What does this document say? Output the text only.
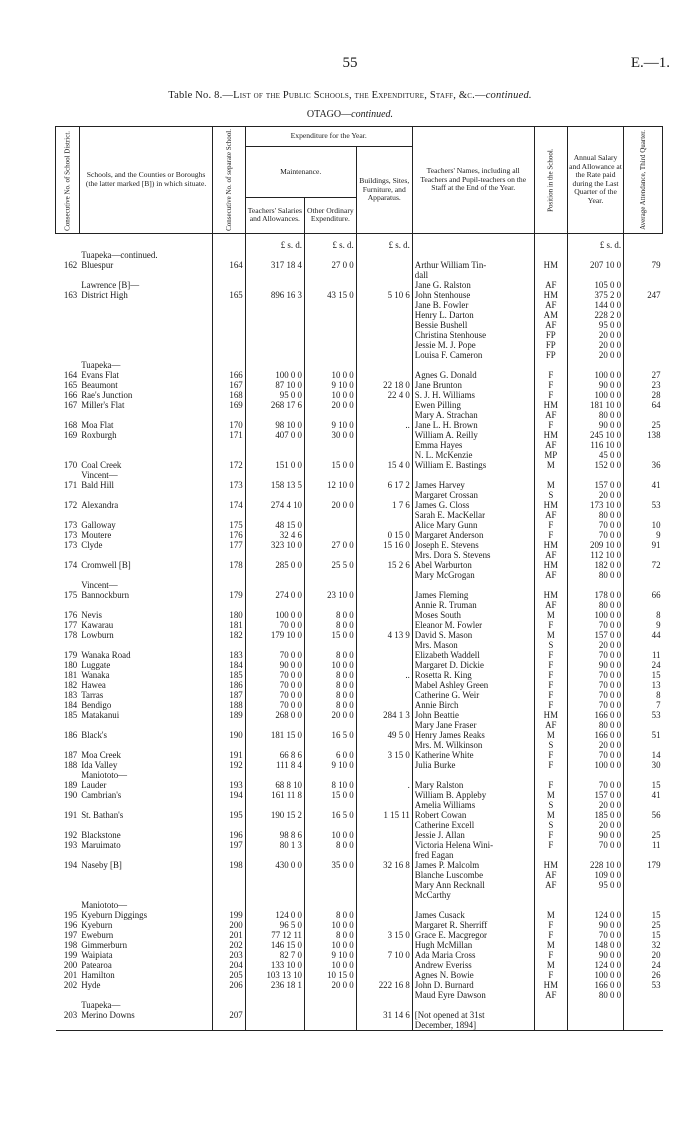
55	E.—1.
Table No. 8.—List of the Public Schools, the Expenditure, Staff, &c.—continued.
OTAGO—continued.
Consecutive No. of School District.	Schools, and the Counties or Boroughs (the latter marked [B]) in which situate.	Consecutive No. of separate School.	Expenditure for the Year.			Teachers' Names, including all Teachers and Pupil-teachers on the Staff at the End of the Year.	Position in the School.	Annual Salary and Allowance at the Rate paid during the Last Quarter of the Year.	Average Attendance, Third Quarter.
			Maintenance.		Buildings, Sites, Furniture, and Apparatus.				
			Teachers' Salaries and Allowances.	Other Ordinary Expenditure.					
			£ s. d.	£ s. d.	£ s. d.			£ s. d.	
	Tuapeka—continued.								
162	Bluespur	164	317 18 4	27 0 0		Arthur William Tin-	HM	207 10 0	79
						dall			
	Lawrence [B]—					Jane G. Ralston	AF	105 0 0	
163	District High	165	896 16 3	43 15 0	5 10 6	John Stenhouse	HM	375 2 0	247
						Jane B. Fowler	AF	144 0 0	
						Henry L. Darton	AM	228 2 0	
						Bessie Bushell	AF	95 0 0	
						Christina Stenhouse	FP	20 0 0	
						Jessie M. J. Pope	FP	20 0 0	
						Louisa F. Cameron	FP	20 0 0	
	Tuapeka—								
164	Evans Flat	166	100 0 0	10 0 0		Agnes G. Donald	F	100 0 0	27
165	Beaumont	167	87 10 0	9 10 0	22 18 0	Jane Brunton	F	90 0 0	23
166	Rae's Junction	168	95 0 0	10 0 0	22 4 0	S. J. H. Williams	F	100 0 0	28
167	Miller's Flat	169	268 17 6	20 0 0		Ewen Pilling	HM	181 10 0	64
						Mary A. Strachan	AF	80 0 0	
168	Moa Flat	170	98 10 0	9 10 0	..	Jane L. H. Brown	F	90 0 0	25
169	Roxburgh	171	407 0 0	30 0 0		William A. Reilly	HM	245 10 0	138
						Emma Hayes	AF	116 10 0	
						N. L. McKenzie	MP	45 0 0	
170	Coal Creek	172	151 0 0	15 0 0	15 4 0	William E. Bastings	M	152 0 0	36
	Vincent—								
171	Bald Hill	173	158 13 5	12 10 0	6 17 2	James Harvey	M	157 0 0	41
						Margaret Crossan	S	20 0 0	
172	Alexandra	174	274 4 10	20 0 0	1 7 6	James G. Closs	HM	173 10 0	53
						Sarah E. MacKellar	AF	80 0 0	
173	Galloway	175	48 15 0			Alice Mary Gunn	F	70 0 0	10
173	Moutere	176	32 4 6		0 15 0	Margaret Anderson	F	70 0 0	9
173	Clyde	177	323 10 0	27 0 0	15 16 0	Joseph E. Stevens	HM	209 10 0	91
						Mrs. Dora S. Stevens	AF	112 10 0	
174	Cromwell [B]	178	285 0 0	25 5 0	15 2 6	Abel Warburton	HM	182 0 0	72
						Mary McGrogan	AF	80 0 0	
	Vincent—								
175	Bannockburn	179	274 0 0	23 10 0		James Fleming	HM	178 0 0	66
						Annie R. Truman	AF	80 0 0	
176	Nevis	180	100 0 0	8 0 0		Moses South	M	100 0 0	8
177	Kawarau	181	70 0 0	8 0 0		Eleanor M. Fowler	F	70 0 0	9
178	Lowburn	182	179 10 0	15 0 0	4 13 9	David S. Mason	M	157 0 0	44
						Mrs. Mason	S	20 0 0	
179	Wanaka Road	183	70 0 0	8 0 0		Elizabeth Waddell	F	70 0 0	11
180	Luggate	184	90 0 0	10 0 0		Margaret D. Dickie	F	90 0 0	24
181	Wanaka	185	70 0 0	8 0 0	..	Rosetta R. King	F	70 0 0	15
182	Hawea	186	70 0 0	8 0 0		Mabel Ashley Green	F	70 0 0	13
183	Tarras	187	70 0 0	8 0 0		Catherine G. Weir	F	70 0 0	8
184	Bendigo	188	70 0 0	8 0 0		Annie Birch	F	70 0 0	7
185	Matakanui	189	268 0 0	20 0 0	284 1 3	John Beattie	HM	166 0 0	53
						Mary Jane Fraser	AF	80 0 0	
186	Black's	190	181 15 0	16 5 0	49 5 0	Henry James Reaks	M	166 0 0	51
						Mrs. M. Wilkinson	S	20 0 0	
187	Moa Creek	191	66 8 6	6 0 0	3 15 0	Katherine White	F	70 0 0	14
188	Ida Valley	192	111 8 4	9 10 0		Julia Burke	F	100 0 0	30
	Maniototo—								
189	Lauder	193	68 8 10	8 10 0	.	Mary Ralston	F	70 0 0	15
190	Cambrian's	194	161 11 8	15 0 0		William B. Appleby	M	157 0 0	41
						Amelia Williams	S	20 0 0	
191	St. Bathan's	195	190 15 2	16 5 0	1 15 11	Robert Cowan	M	185 0 0	56
						Catherine Excell	S	20 0 0	
192	Blackstone	196	98 8 6	10 0 0		Jessie J. Allan	F	90 0 0	25
193	Maruimato	197	80 1 3	8 0 0		Victoria Helena Wini-	F	70 0 0	11
						fred Eagan			
194	Naseby [B]	198	430 0 0	35 0 0	32 16 8	James P. Malcolm	HM	228 10 0	179
						Blanche Luscombe	AF	109 0 0	
						Mary Ann Recknall	AF	95 0 0	
						McCarthy			
	Maniototo—								
195	Kyeburn Diggings	199	124 0 0	8 0 0		James Cusack	M	124 0 0	15
196	Kyeburn	200	96 5 0	10 0 0		Margaret R. Sherriff	F	90 0 0	25
197	Eweburn	201	77 12 11	8 0 0	3 15 0	Grace E. Macgregor	F	70 0 0	15
198	Gimmerburn	202	146 15 0	10 0 0		Hugh McMillan	M	148 0 0	32
199	Waipiata	203	82 7 0	9 10 0	7 10 0	Ada Maria Cross	F	90 0 0	20
200	Patearoa	204	133 10 0	10 0 0		Andrew Everiss	M	124 0 0	24
201	Hamilton	205	103 13 10	10 15 0		Agnes N. Bowie	F	100 0 0	26
202	Hyde	206	236 18 1	20 0 0	222 16 8	John D. Burnard	HM	166 0 0	53
						Maud Eyre Dawson	AF	80 0 0	
	Tuapeka—								
203	Merino Downs	207			31 14 6	[Not opened at 31st			
						December, 1894]			
